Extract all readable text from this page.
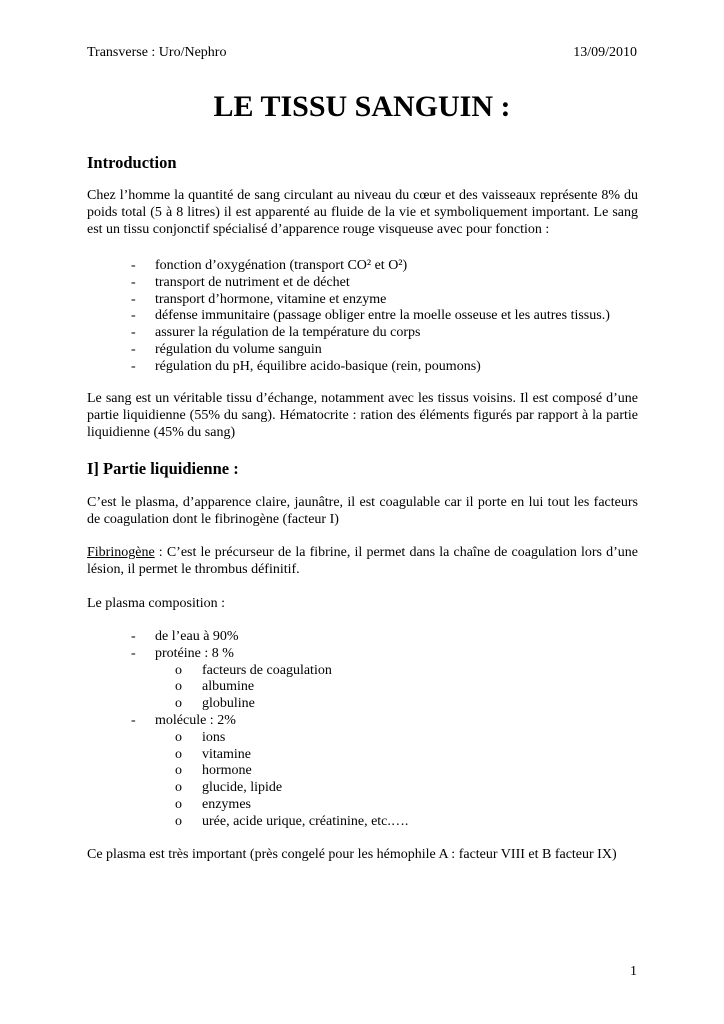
Transverse : Uro/Nephro	13/09/2010
LE TISSU SANGUIN :
Introduction

Chez l’homme la quantité de sang circulant au niveau du cœur et des vaisseaux représente 8% du poids total (5 à 8 litres) il est apparenté au fluide de la vie et symboliquement important. Le sang est un tissu conjonctif spécialisé d’apparence rouge visqueuse avec pour fonction :

- fonction d’oxygénation (transport CO² et O²)
- transport de nutriment et de déchet
- transport d’hormone, vitamine et enzyme
- défense immunitaire (passage obliger entre la moelle osseuse et les autres tissus.)
- assurer la régulation de la température du corps
- régulation du volume sanguin
- régulation du pH, équilibre acido-basique (rein, poumons)

Le sang est un véritable tissu d’échange, notamment avec les tissus voisins. Il est composé d’une partie liquidienne (55% du sang). Hématocrite : ration des éléments figurés par rapport à la partie liquidienne (45% du sang)

I] Partie liquidienne :

C’est le plasma, d’apparence claire, jaunâtre, il est coagulable car il porte en lui tout les facteurs de coagulation dont le fibrinogène (facteur I)

Fibrinogène : C’est le précurseur de la fibrine, il permet dans la chaîne de coagulation lors d’une lésion, il permet le thrombus définitif.

Le plasma composition :

- de l’eau à 90%
- protéine : 8 %
o facteurs de coagulation
o albumine
o globuline
- molécule : 2%
o ions
o vitamine
o hormone
o glucide, lipide
o enzymes
o urée, acide urique, créatinine, etc.….

Ce plasma est très important (près congelé pour les hémophile A : facteur VIII et B facteur IX)

1
